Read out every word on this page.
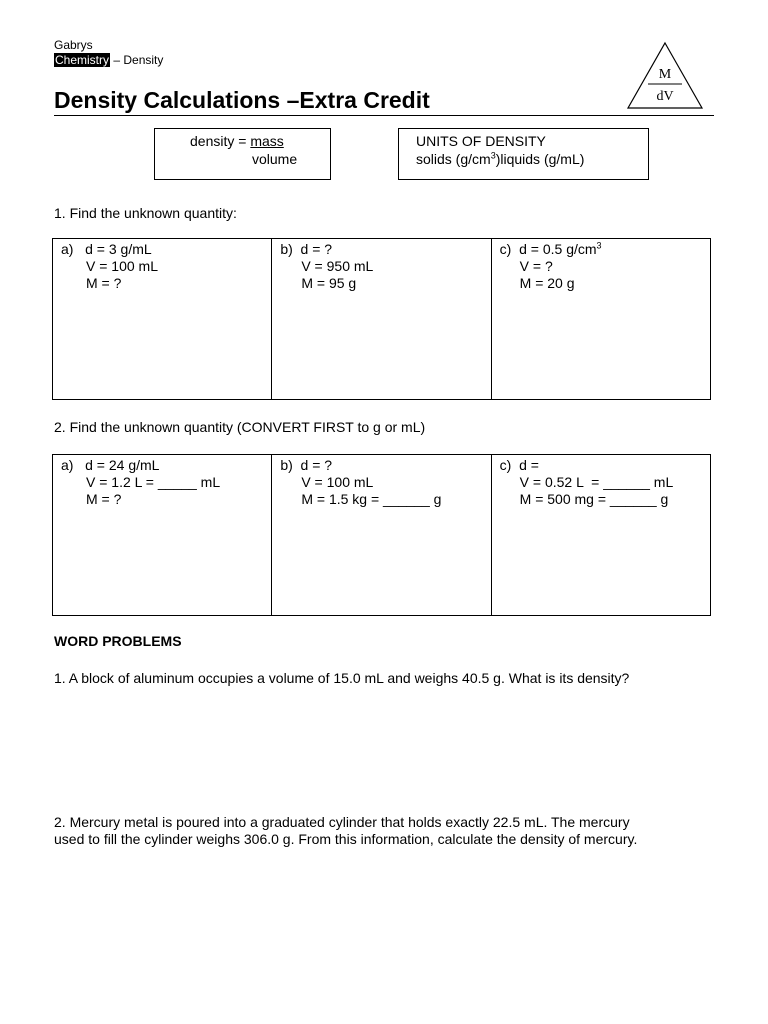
Gabrys
Chemistry – Density
Density Calculations –Extra Credit
M
dV
density = mass
volume
UNITS OF DENSITY
solids $(g/cm^3)liquids$ (g/mL)
1. Find the unknown quantity:
a)   d = 3 g/mL
V = 100 mL
M = ?
b)  d = ?
V = 950 mL
M = 95 g
c)  d = 0.5 $g/cm^3$
V = ?
M = 20 g
2. Find the unknown quantity (CONVERT FIRST to g or mL)
a)   d = 24 g/mL
V = 1.2 L = _____ mL
M = ?
b)  d = ?
V = 100 mL
M = 1.5 kg = ______ g
c)  d =
V = 0.52 L  = ______ mL
M = 500 mg = ______ g
WORD PROBLEMS
1. A block of aluminum occupies a volume of 15.0 mL and weighs 40.5 g. What is its density?
2. Mercury metal is poured into a graduated cylinder that holds exactly 22.5 mL. The mercury
used to fill the cylinder weighs 306.0 g. From this information, calculate the density of mercury.
